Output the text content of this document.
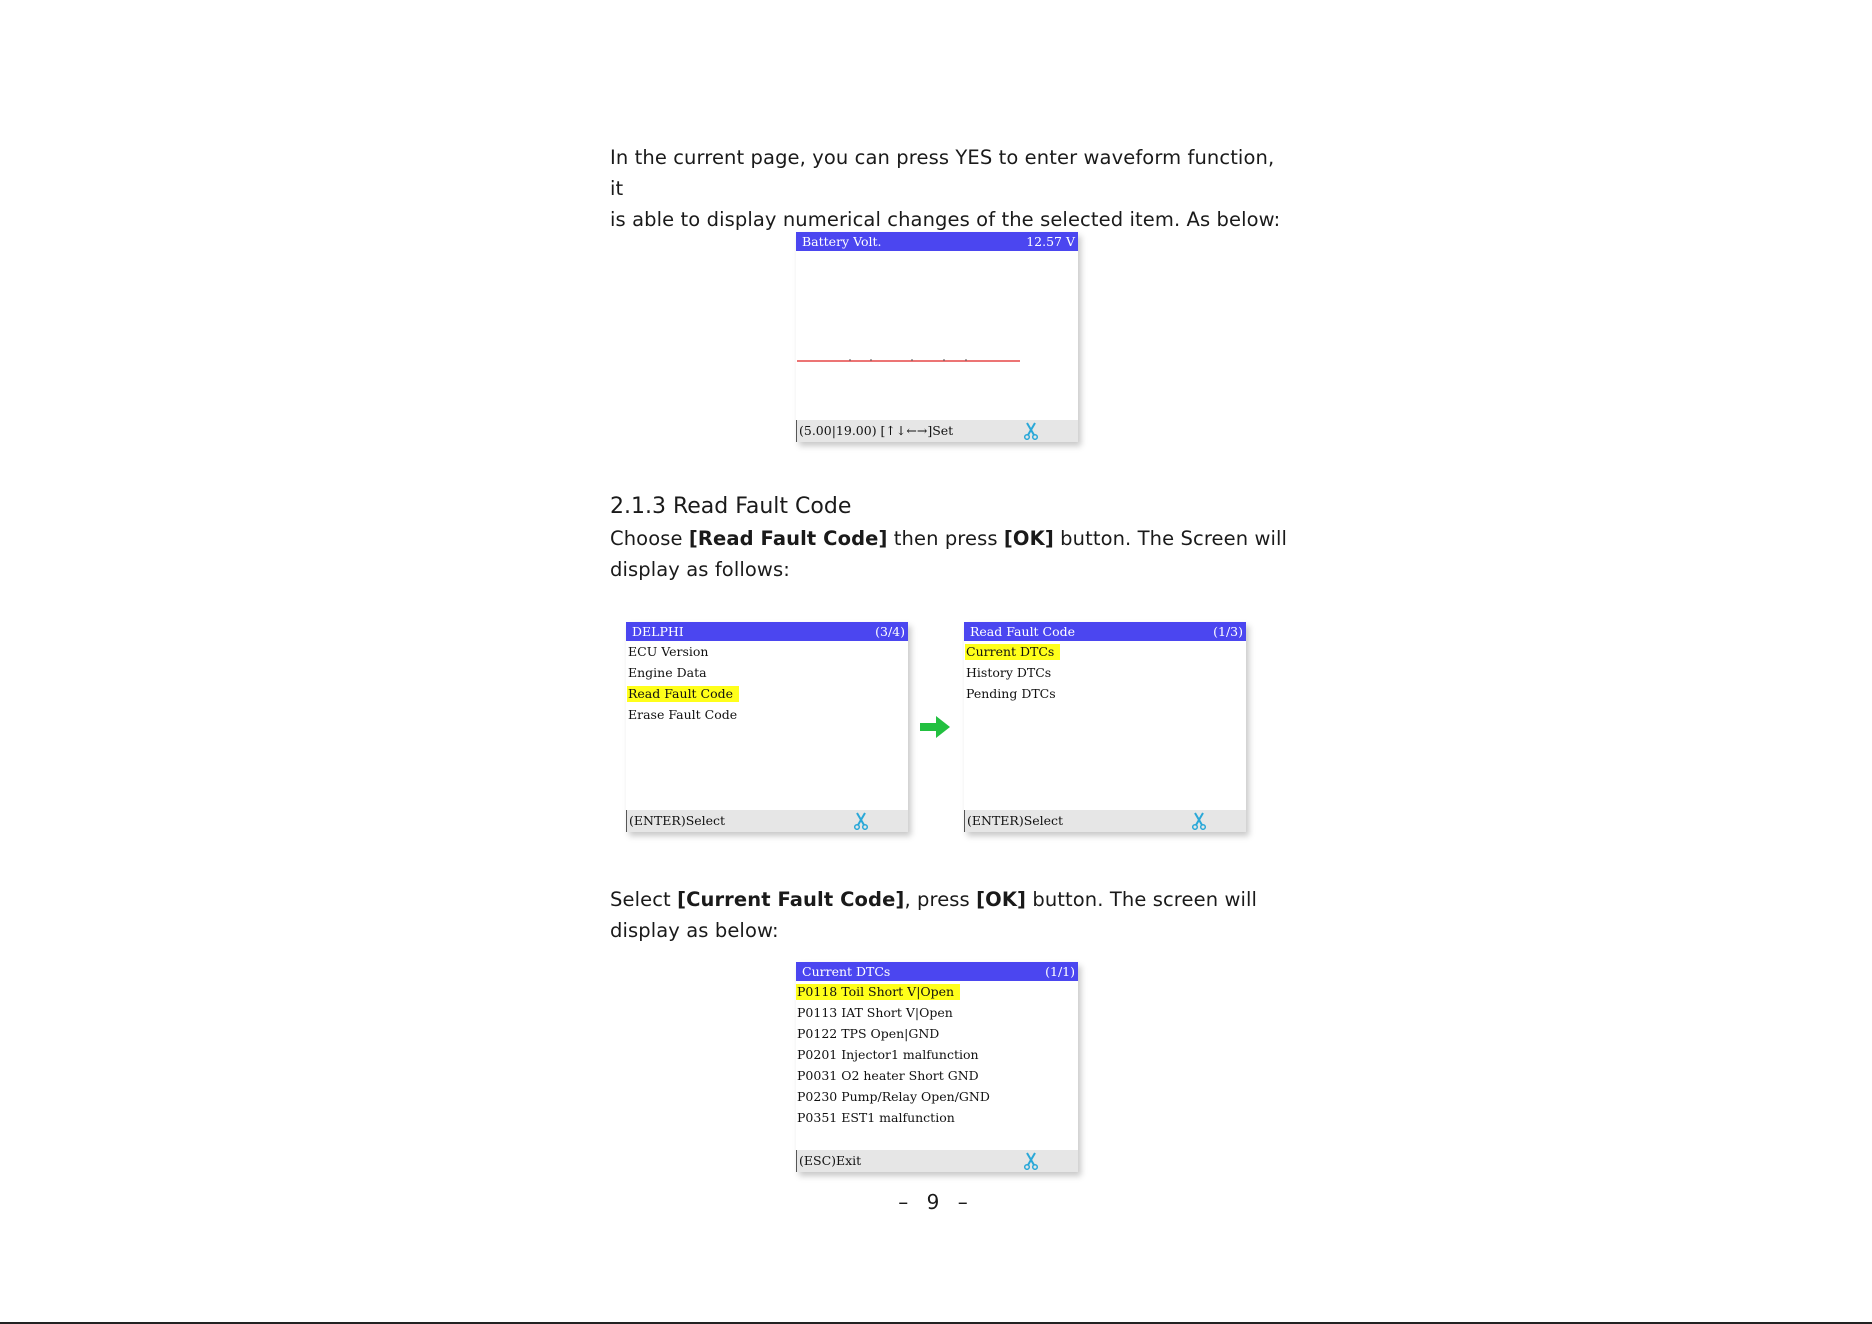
In the current page, you can press YES to enter waveform function, it
is able to display numerical changes of the selected item. As below:

Battery Volt.	12.57 V
(5.00|19.00) [↑↓←→]Set
2.1.3 Read Fault Code

Choose [Read Fault Code] then press [OK] button. The Screen will
display as follows:

DELPHI	(3/4)
ECU Version
Engine Data
Read Fault Code
Erase Fault Code
(ENTER)Select
Read Fault Code	(1/3)
Current DTCs
History DTCs
Pending DTCs
(ENTER)Select

Select [Current Fault Code], press [OK] button. The screen will
display as below:

Current DTCs	(1/1)
P0118 Toil Short V|Open
P0113 IAT Short V|Open
P0122 TPS Open|GND
P0201 Injector1 malfunction
P0031 O2 heater Short GND
P0230 Pump/Relay Open/GND
P0351 EST1 malfunction
(ESC)Exit
– 9 –
